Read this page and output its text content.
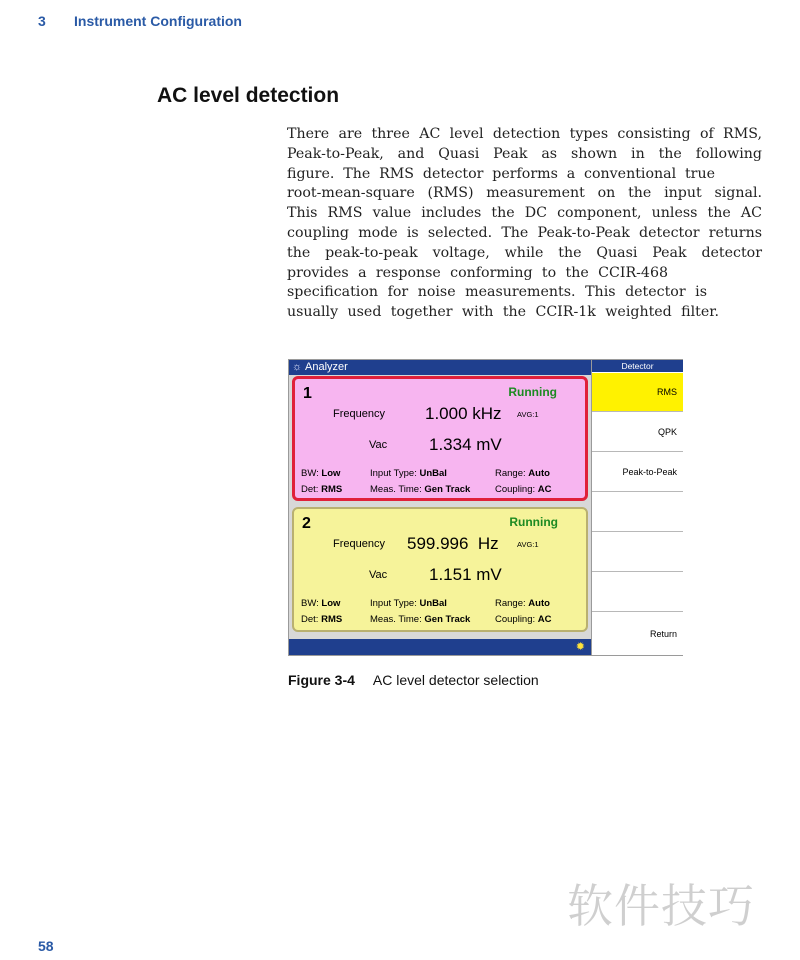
3 Instrument Configuration
AC level detection
There are three AC level detection types consisting of RMS,
Peak-to-Peak, and Quasi Peak as shown in the following
figure. The RMS detector performs a conventional true
root-mean-square (RMS) measurement on the input signal.
This RMS value includes the DC component, unless the AC
coupling mode is selected. The Peak-to-Peak detector returns
the peak-to-peak voltage, while the Quasi Peak detector
provides a response conforming to the CCIR-468
specification for noise measurements. This detector is
usually used together with the CCIR-1k weighted filter.
☼ Analyzer
1	Running
Frequency 1.000 kHz AVG:1
Vac 1.334 mV
BW: Low	Input Type: UnBal	Range: Auto
Det: RMS	Meas. Time: Gen Track	Coupling: AC
2	Running
Frequency 599.996  Hz AVG:1
Vac 1.151 mV
BW: Low	Input Type: UnBal	Range: Auto
Det: RMS	Meas. Time: Gen Track	Coupling: AC
✹
Detector
RMS
QPK
Peak-to-Peak
Return
Figure 3-4 AC level detector selection
软件技巧
58
